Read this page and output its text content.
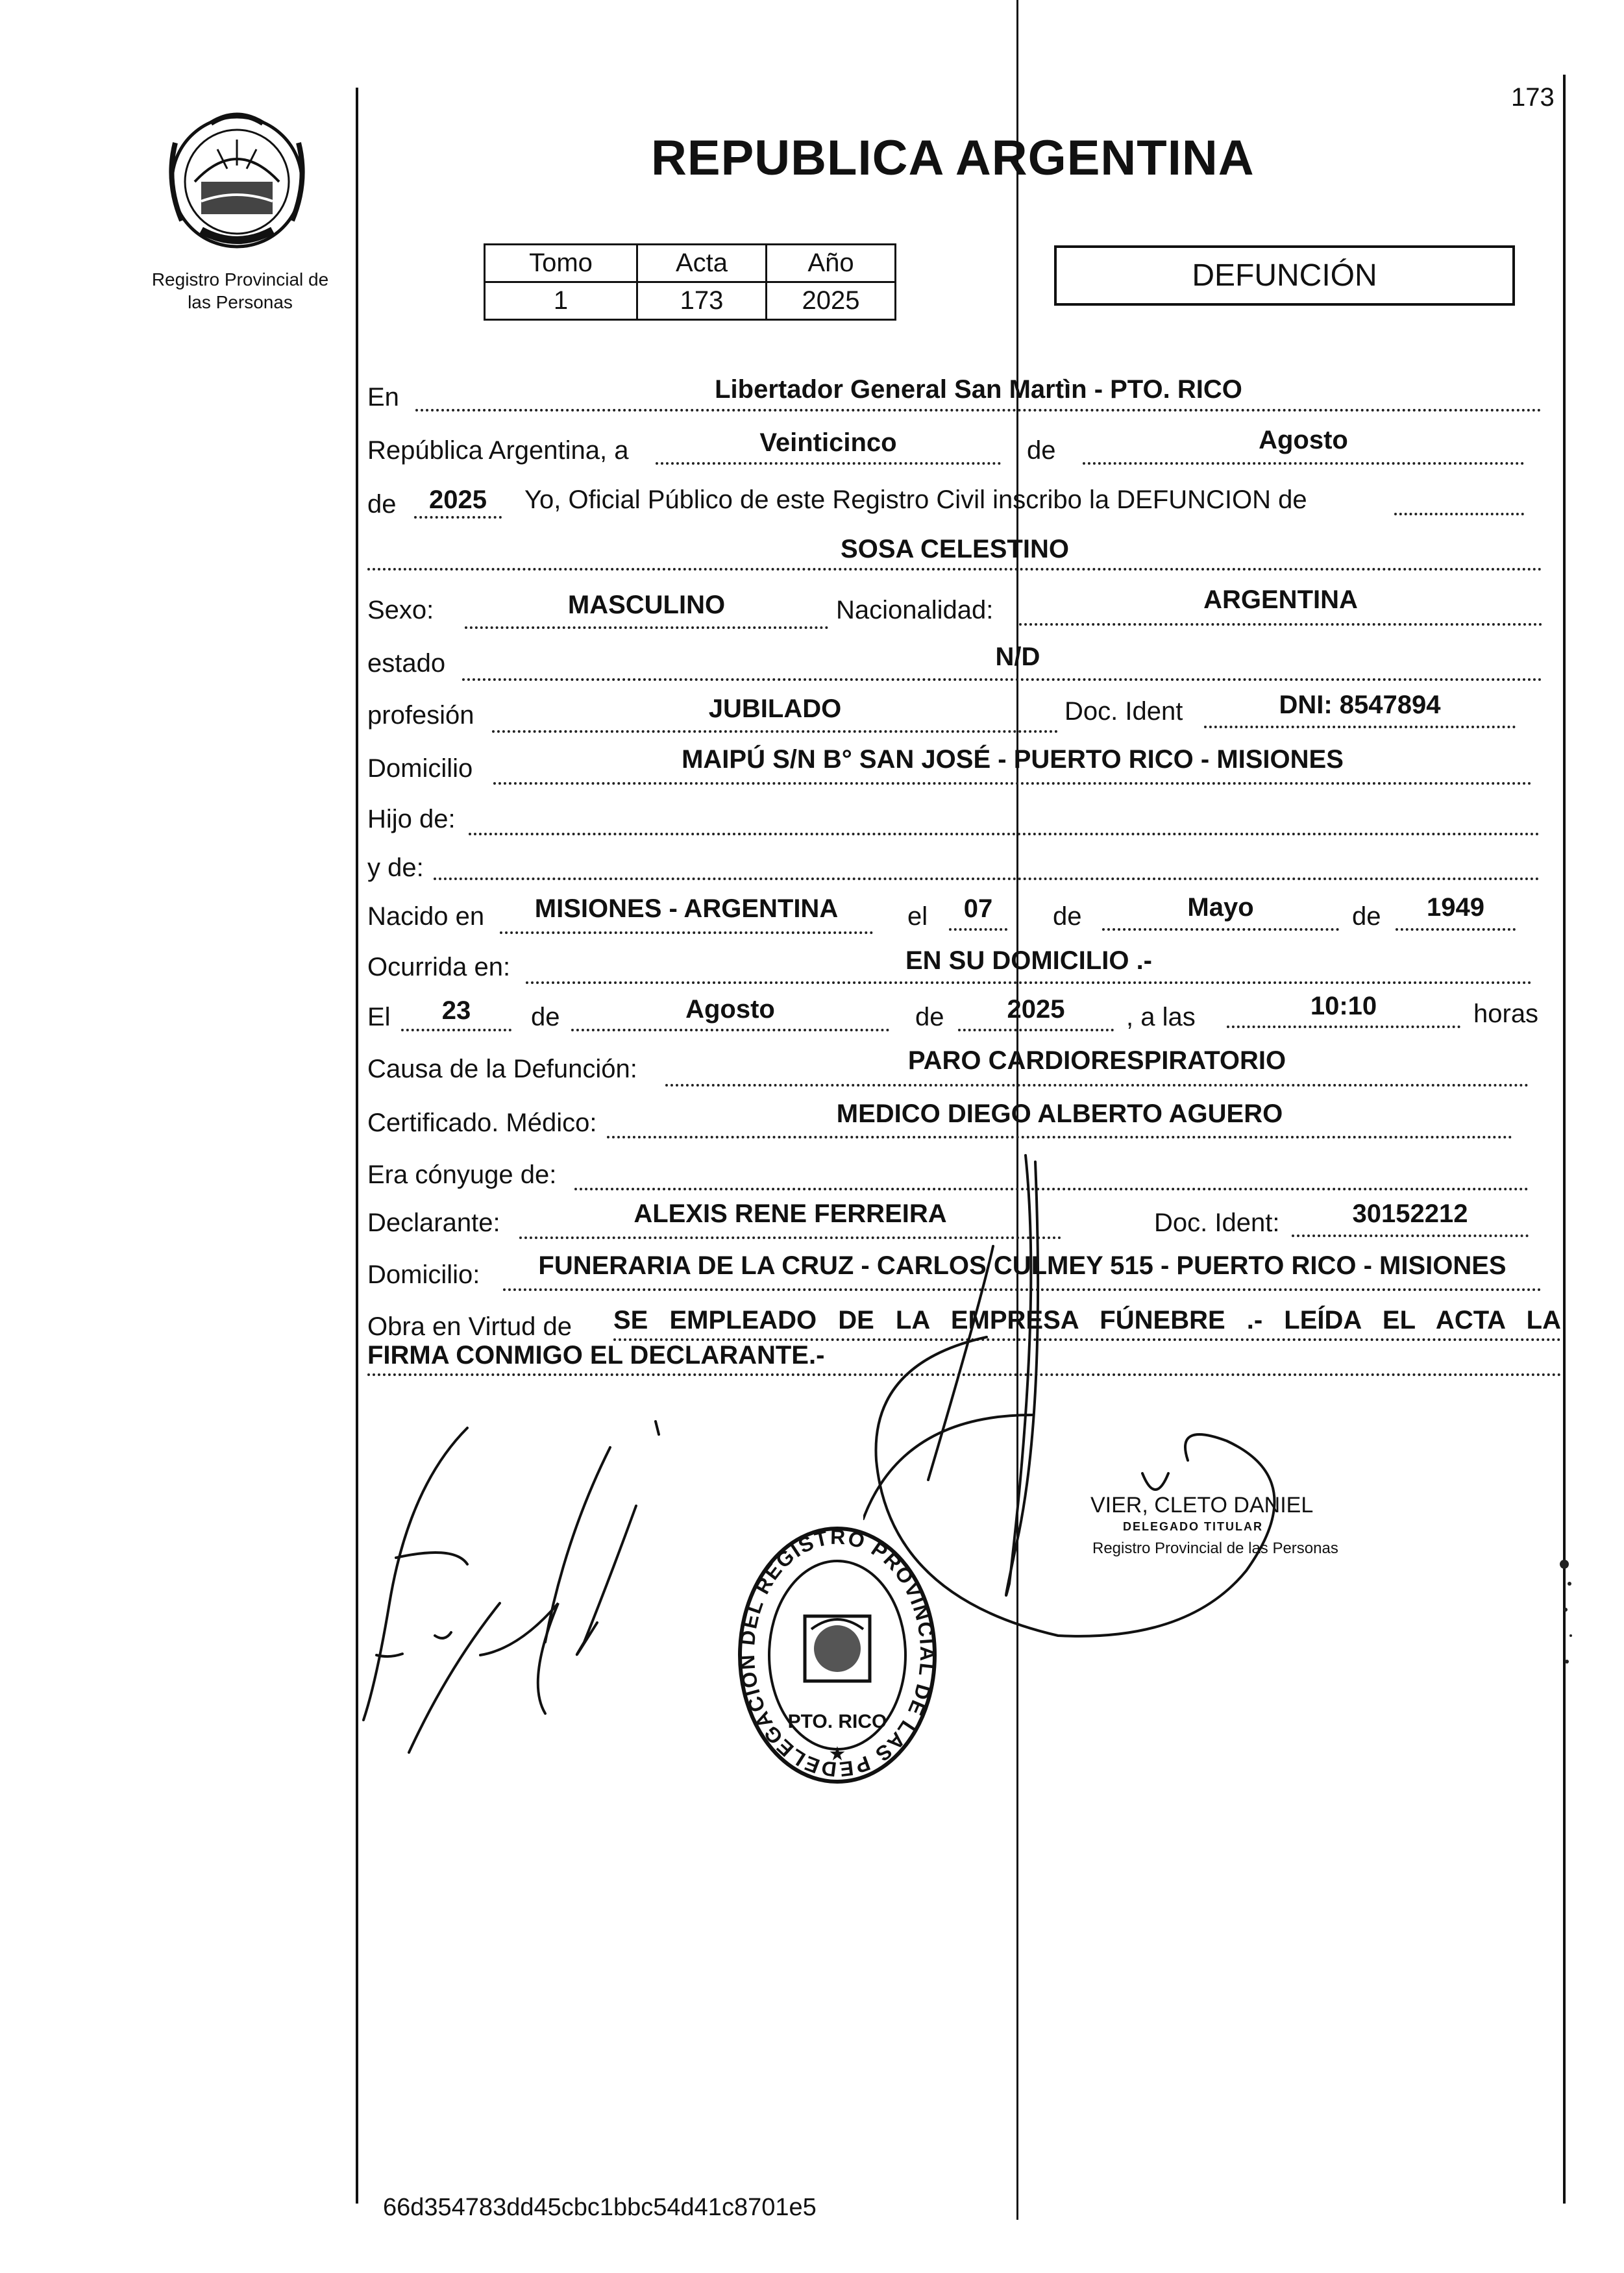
173
Registro Provincial de
las Personas
REPUBLICA ARGENTINA
Tomo	Acta	Año
1	173	2025
DEFUNCIÓN
En	Libertador General San Martìn - PTO. RICO
República Argentina, a	Veinticinco	de	Agosto
de	2025	Yo, Oficial Público de este Registro Civil inscribo la DEFUNCION de
SOSA CELESTINO
Sexo:	MASCULINO	Nacionalidad:	ARGENTINA
estado	N/D
profesión	JUBILADO	Doc. Ident	DNI: 8547894
Domicilio	MAIPÚ S/N B° SAN JOSÉ - PUERTO RICO - MISIONES
Hijo de:
y de:
Nacido en	MISIONES - ARGENTINA	el	07	de	Mayo	de	1949
Ocurrida en:	EN SU DOMICILIO .-
El	23	de	Agosto	de	2025	, a las	10:10	horas
Causa de la Defunción:	PARO CARDIORESPIRATORIO
Certificado. Médico:	MEDICO DIEGO ALBERTO AGUERO
Era cónyuge de:
Declarante:	ALEXIS RENE FERREIRA	Doc. Ident:	30152212
Domicilio:	FUNERARIA DE LA CRUZ - CARLOS CULMEY 515 - PUERTO RICO - MISIONES
Obra en Virtud de SE EMPLEADO DE LA EMPRESA FÚNEBRE .- LEÍDA EL ACTA LA
FIRMA CONMIGO EL DECLARANTE.-
VIER, CLETO DANIEL
DELEGADO TITULAR
Registro Provincial de las Personas
DELEGACION DEL REGISTRO PROVINCIAL DE LAS PE
PTO. RICO
★
66d354783dd45cbc1bbc54d41c8701e5
